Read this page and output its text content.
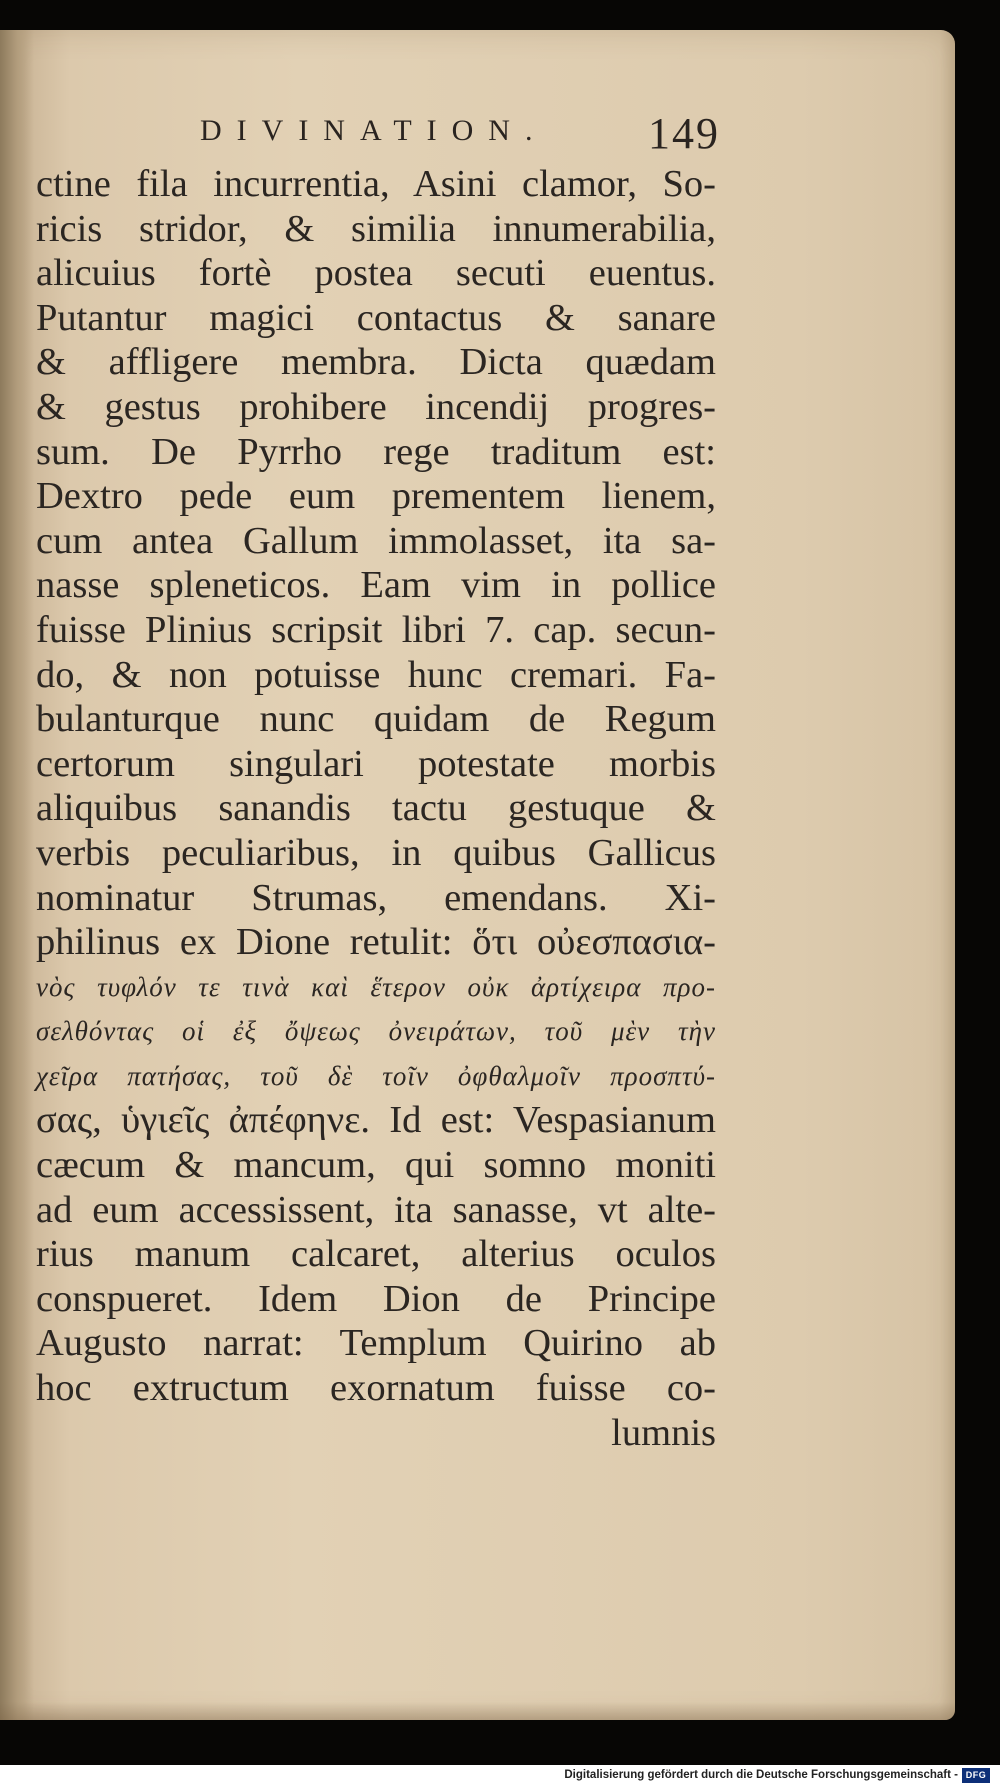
DIVINATION. 149
ctine fila incurrentia, Asini clamor, So-
ricis stridor, & similia innumerabilia,
alicuius fortè postea secuti euentus.
Putantur magici contactus & sanare
& affligere membra. Dicta quædam
& gestus prohibere incendij progres-
sum. De Pyrrho rege traditum est:
Dextro pede eum prementem lienem,
cum antea Gallum immolasset, ita sa-
nasse spleneticos. Eam vim in pollice
fuisse Plinius scripsit libri 7. cap. secun-
do, & non potuisse hunc cremari. Fa-
bulanturque nunc quidam de Regum
certorum singulari potestate morbis
aliquibus sanandis tactu gestuque &
verbis peculiaribus, in quibus Gallicus
nominatur Strumas, emendans. Xi-
philinus ex Dione retulit: ὅτι οὐεσπασια-
νὸς τυφλόν τε τινὰ καὶ ἕτερον οὐκ ἀρτίχειρα προ-
σελθόντας οἱ ἐξ ὄψεως ὀνειράτων, τοῦ μὲν τὴν
χεῖρα πατήσας, τοῦ δὲ τοῖν ὀφθαλμοῖν προσπτύ-
σας, ὑγιεῖς ἀπέφηνε. Id est: Vespasianum
cæcum & mancum, qui somno moniti
ad eum accessissent, ita sanasse, vt alte-
rius manum calcaret, alterius oculos
conspueret. Idem Dion de Principe
Augusto narrat: Templum Quirino ab
hoc extructum exornatum fuisse co-
lumnis
Digitalisierung gefördert durch die Deutsche Forschungsgemeinschaft - DFG
